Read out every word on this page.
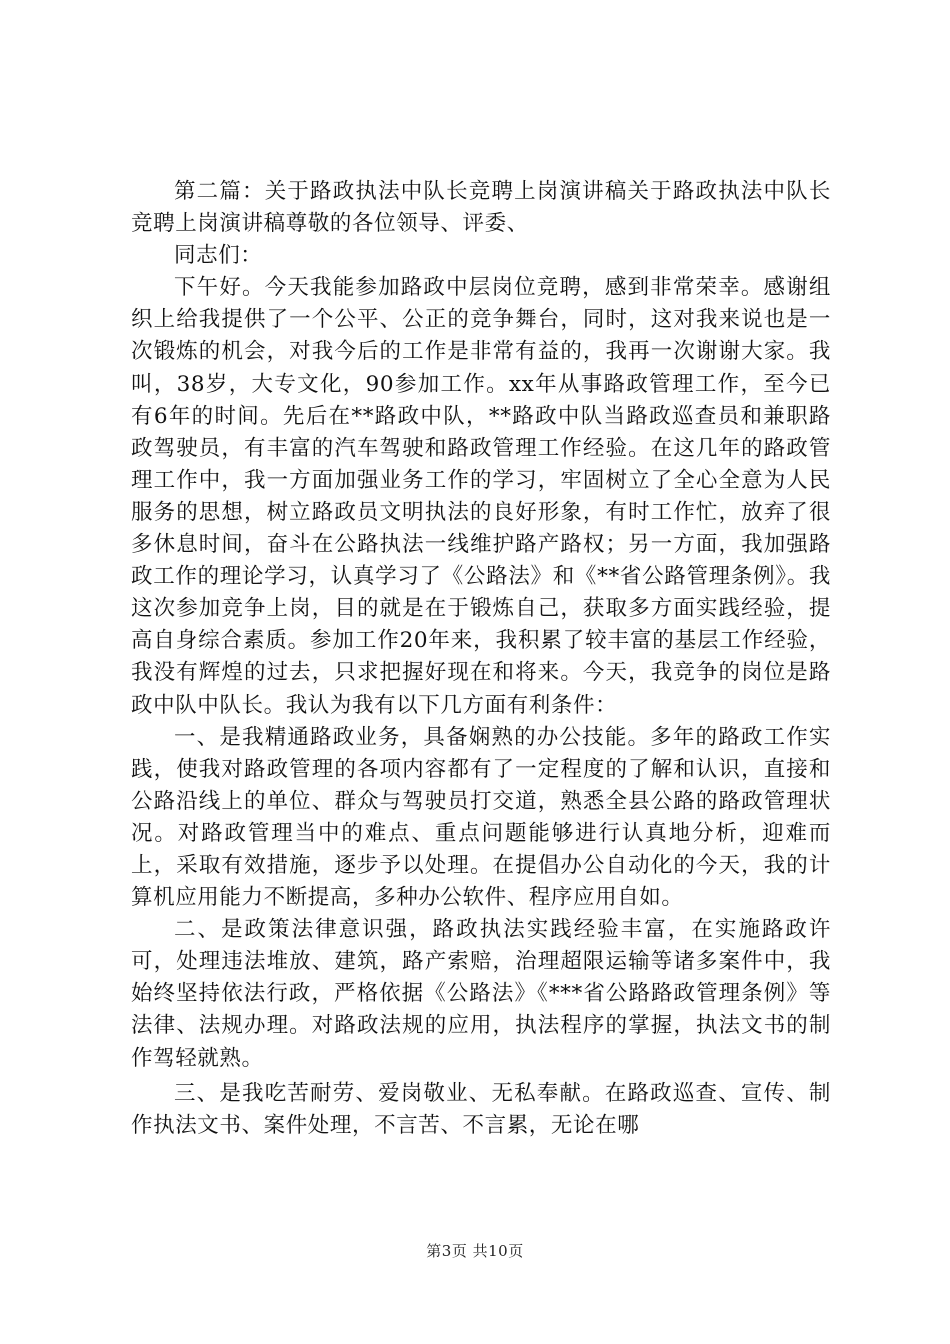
第二篇：关于路政执法中队长竞聘上岗演讲稿关于路政执法中队长竞聘上岗演讲稿尊敬的各位领导、评委、

同志们：

下午好。今天我能参加路政中层岗位竞聘，感到非常荣幸。感谢组织上给我提供了一个公平、公正的竞争舞台，同时，这对我来说也是一次锻炼的机会，对我今后的工作是非常有益的，我再一次谢谢大家。我叫，38岁，大专文化，90参加工作。xx年从事路政管理工作，至今已有6年的时间。先后在**路政中队，**路政中队当路政巡查员和兼职路政驾驶员，有丰富的汽车驾驶和路政管理工作经验。在这几年的路政管理工作中，我一方面加强业务工作的学习，牢固树立了全心全意为人民服务的思想，树立路政员文明执法的良好形象，有时工作忙，放弃了很多休息时间，奋斗在公路执法一线维护路产路权；另一方面，我加强路政工作的理论学习，认真学习了《公路法》和《**省公路管理条例》。我这次参加竞争上岗，目的就是在于锻炼自己，获取多方面实践经验，提高自身综合素质。参加工作20年来，我积累了较丰富的基层工作经验，我没有辉煌的过去，只求把握好现在和将来。今天，我竞争的岗位是路政中队中队长。我认为我有以下几方面有利条件：

一、是我精通路政业务，具备娴熟的办公技能。多年的路政工作实践，使我对路政管理的各项内容都有了一定程度的了解和认识，直接和公路沿线上的单位、群众与驾驶员打交道，熟悉全县公路的路政管理状况。对路政管理当中的难点、重点问题能够进行认真地分析，迎难而上，采取有效措施，逐步予以处理。在提倡办公自动化的今天，我的计算机应用能力不断提高，多种办公软件、程序应用自如。

二、是政策法律意识强，路政执法实践经验丰富，在实施路政许可，处理违法堆放、建筑，路产索赔，治理超限运输等诸多案件中，我始终坚持依法行政，严格依据《公路法》《***省公路路政管理条例》等法律、法规办理。对路政法规的应用，执法程序的掌握，执法文书的制作驾轻就熟。

三、是我吃苦耐劳、爱岗敬业、无私奉献。在路政巡查、宣传、制作执法文书、案件处理，不言苦、不言累，无论在哪

第3页 共10页
